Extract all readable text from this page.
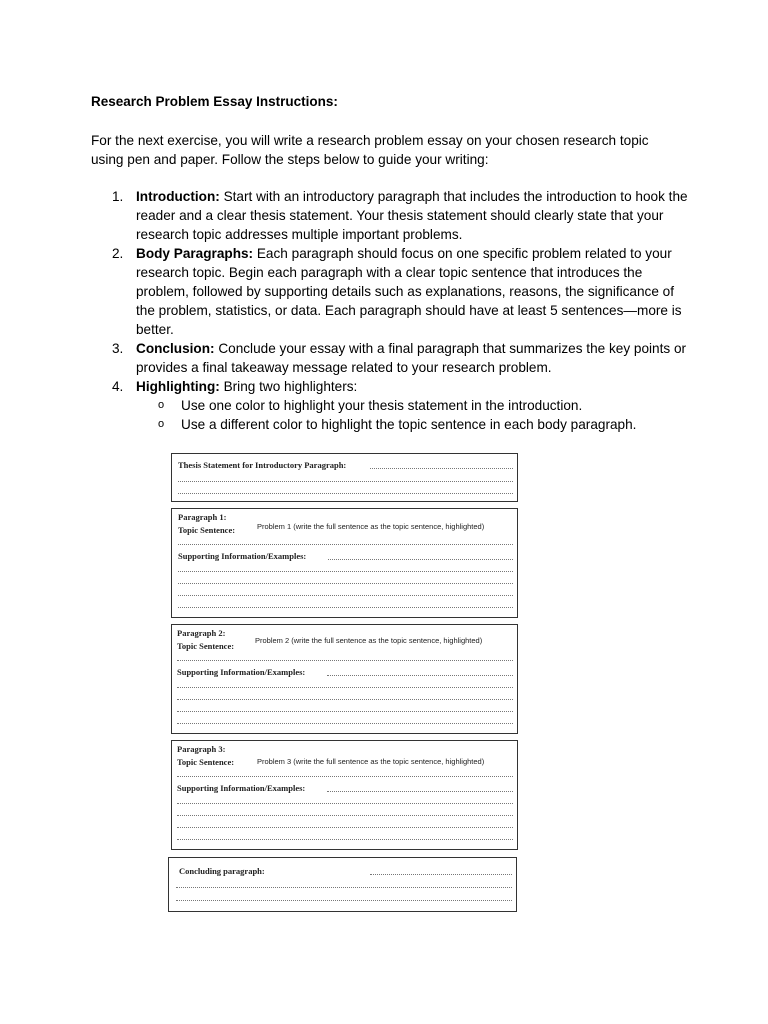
Research Problem Essay Instructions:
For the next exercise, you will write a research problem essay on your chosen research topic using pen and paper. Follow the steps below to guide your writing:
1. Introduction: Start with an introductory paragraph that includes the introduction to hook the reader and a clear thesis statement. Your thesis statement should clearly state that your research topic addresses multiple important problems.
2. Body Paragraphs: Each paragraph should focus on one specific problem related to your research topic. Begin each paragraph with a clear topic sentence that introduces the problem, followed by supporting details such as explanations, reasons, the significance of the problem, statistics, or data. Each paragraph should have at least 5 sentences—more is better.
3. Conclusion: Conclude your essay with a final paragraph that summarizes the key points or provides a final takeaway message related to your research problem.
4. Highlighting: Bring two highlighters:
o Use one color to highlight your thesis statement in the introduction.
o Use a different color to highlight the topic sentence in each body paragraph.
Thesis Statement for Introductory Paragraph:
Paragraph 1:
Topic Sentence:	Problem 1 (write the full sentence as the topic sentence, highlighted)
Supporting Information/Examples:
Paragraph 2:
Topic Sentence:
Problem 2 (write the full sentence as the topic sentence, highlighted)
Supporting Information/Examples:
Paragraph 3:
Topic Sentence:	Problem 3 (write the full sentence as the topic sentence, highlighted)
Supporting Information/Examples:
Concluding paragraph:
